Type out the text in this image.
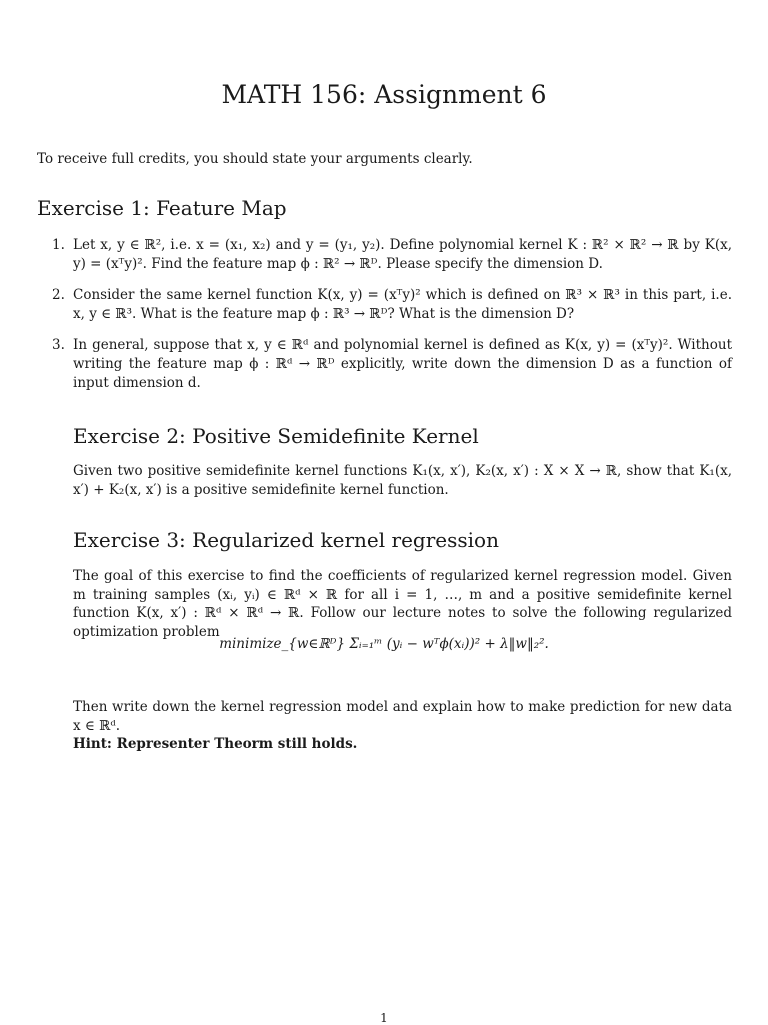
MATH 156: Assignment 6

To receive full credits, you should state your arguments clearly.

Exercise 1: Feature Map
1. Let x, y ∈ ℝ², i.e. x = (x₁, x₂) and y = (y₁, y₂). Define polynomial kernel K : ℝ² × ℝ² → ℝ by K(x, y) = (xᵀy)². Find the feature map ϕ : ℝ² → ℝᴰ. Please specify the dimension D.
2. Consider the same kernel function K(x, y) = (xᵀy)² which is defined on ℝ³ × ℝ³ in this part, i.e. x, y ∈ ℝ³. What is the feature map ϕ : ℝ³ → ℝᴰ? What is the dimension D?
3. In general, suppose that x, y ∈ ℝᵈ and polynomial kernel is defined as K(x, y) = (xᵀy)². Without writing the feature map ϕ : ℝᵈ → ℝᴰ explicitly, write down the dimension D as a function of input dimension d.
Exercise 2: Positive Semidefinite Kernel

Given two positive semidefinite kernel functions K₁(x, x′), K₂(x, x′) : X × X → ℝ, show that K₁(x, x′) + K₂(x, x′) is a positive semidefinite kernel function.

Exercise 3: Regularized kernel regression

The goal of this exercise to find the coefficients of regularized kernel regression model. Given m training samples (xᵢ, yᵢ) ∈ ℝᵈ × ℝ for all i = 1, …, m and a positive semidefinite kernel function K(x, x′) : ℝᵈ × ℝᵈ → ℝ. Follow our lecture notes to solve the following regularized optimization problem

minimize_{w∈ℝᴰ} Σᵢ₌₁ᵐ (yᵢ − wᵀϕ(xᵢ))² + λ‖w‖₂².
Then write down the kernel regression model and explain how to make prediction for new data x ∈ ℝᵈ.
Hint: Representer Theorm still holds.
1
